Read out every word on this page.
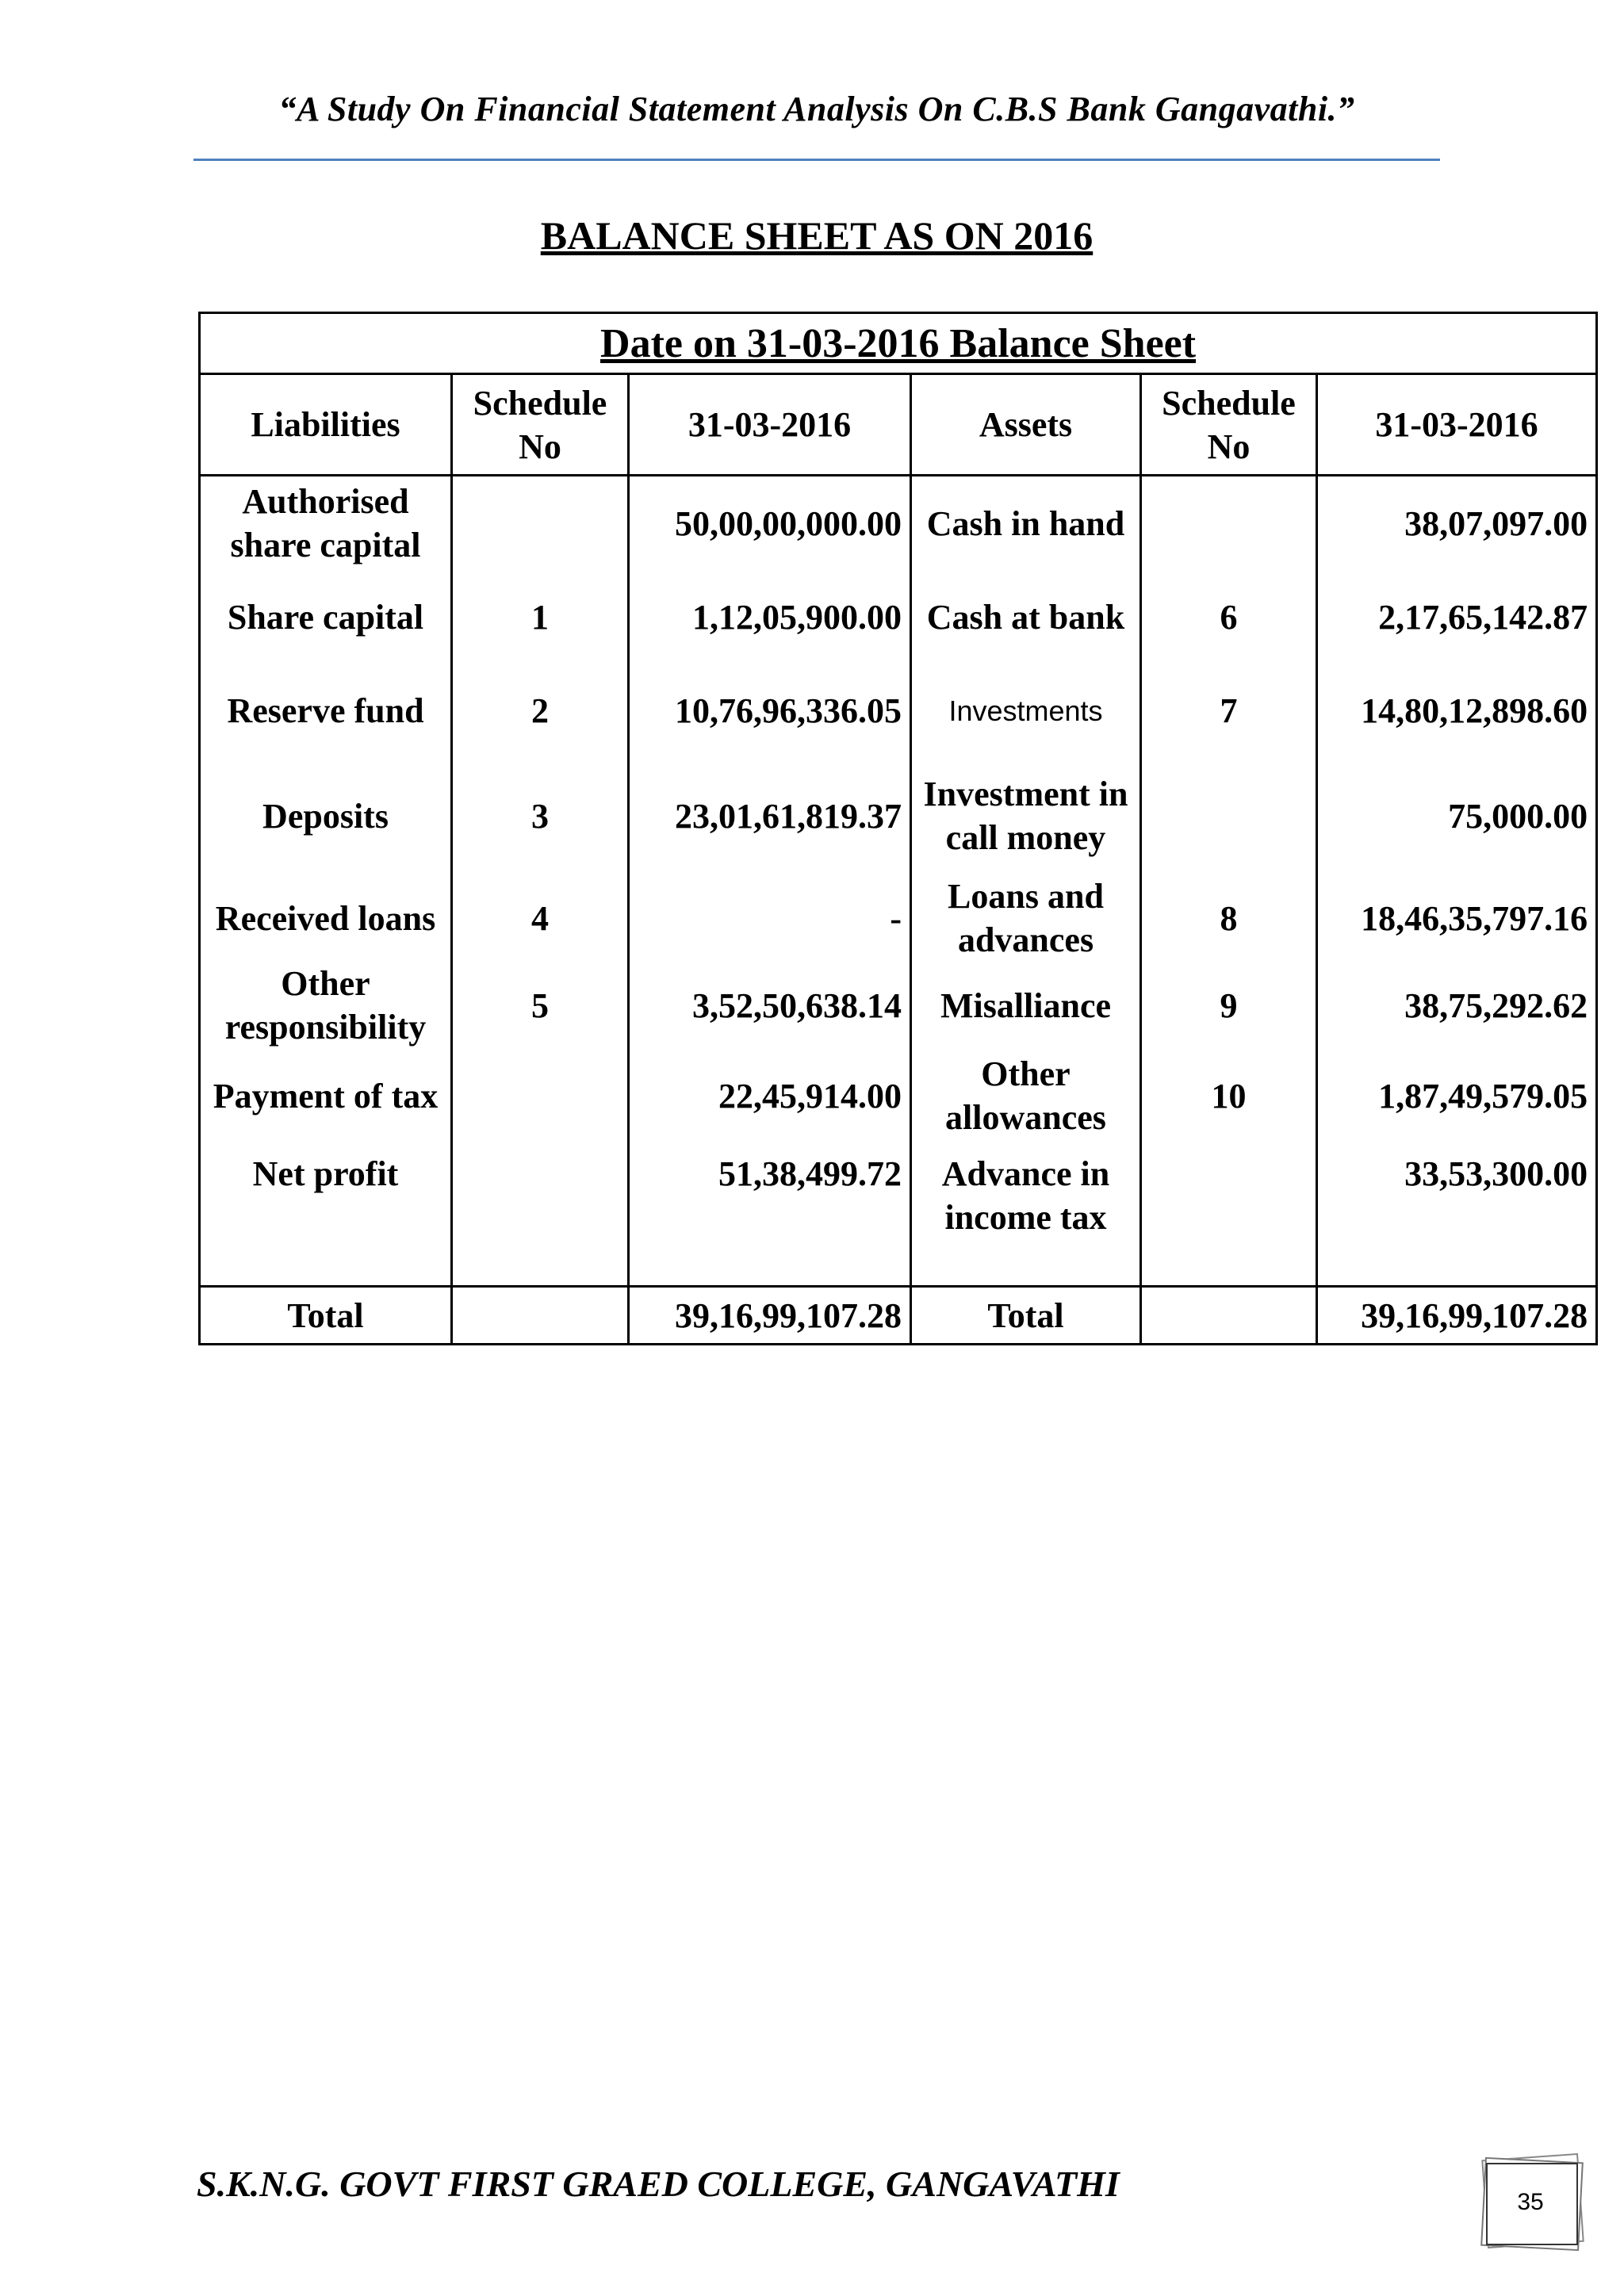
“A Study On Financial Statement Analysis On C.B.S Bank Gangavathi.”
BALANCE SHEET AS ON 2016
Date on 31-03-2016 Balance Sheet					
Liabilities	Schedule No	31-03-2016	Assets	Schedule No	31-03-2016
Authorised share capital		50,00,00,000.00	Cash in hand		38,07,097.00
Share capital	1	1,12,05,900.00	Cash at bank	6	2,17,65,142.87
Reserve fund	2	10,76,96,336.05	Investments	7	14,80,12,898.60
Deposits	3	23,01,61,819.37	Investment in call money		75,000.00
Received loans	4	-	Loans and advances	8	18,46,35,797.16
Other responsibility	5	3,52,50,638.14	Misalliance	9	38,75,292.62
Payment of tax		22,45,914.00	Other allowances	10	1,87,49,579.05
Net profit		51,38,499.72	Advance in income tax		33,53,300.00
Total		39,16,99,107.28	Total		39,16,99,107.28
S.K.N.G. GOVT FIRST GRAED COLLEGE, GANGAVATHI	35
